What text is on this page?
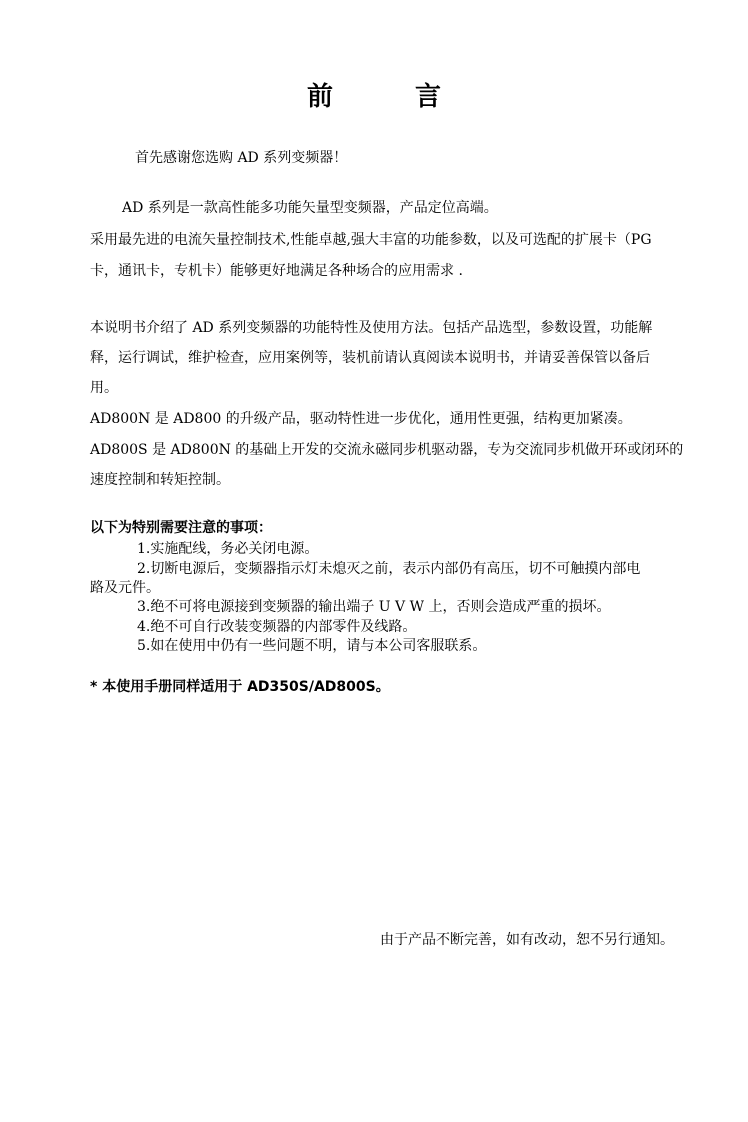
前　言
首先感谢您选购 AD 系列变频器！
AD 系列是一款高性能多功能矢量型变频器，产品定位高端。
采用最先进的电流矢量控制技术,性能卓越,强大丰富的功能参数，以及可选配的扩展卡（PG
卡，通讯卡，专机卡）能够更好地满足各种场合的应用需求 .
本说明书介绍了 AD 系列变频器的功能特性及使用方法。包括产品选型，参数设置，功能解
释，运行调试，维护检查，应用案例等，装机前请认真阅读本说明书，并请妥善保管以备后
用。
AD800N 是 AD800 的升级产品，驱动特性进一步优化，通用性更强，结构更加紧凑。
AD800S 是 AD800N 的基础上开发的交流永磁同步机驱动器，专为交流同步机做开环或闭环的
速度控制和转矩控制。
以下为特别需要注意的事项：
1.实施配线，务必关闭电源。
2.切断电源后，变频器指示灯未熄灭之前，表示内部仍有高压，切不可触摸内部电
路及元件。
3.绝不可将电源接到变频器的输出端子 U V W 上，否则会造成严重的损坏。
4.绝不可自行改装变频器的内部零件及线路。
5.如在使用中仍有一些问题不明，请与本公司客服联系。
* 本使用手册同样适用于 AD350S/AD800S。
由于产品不断完善，如有改动，恕不另行通知。
